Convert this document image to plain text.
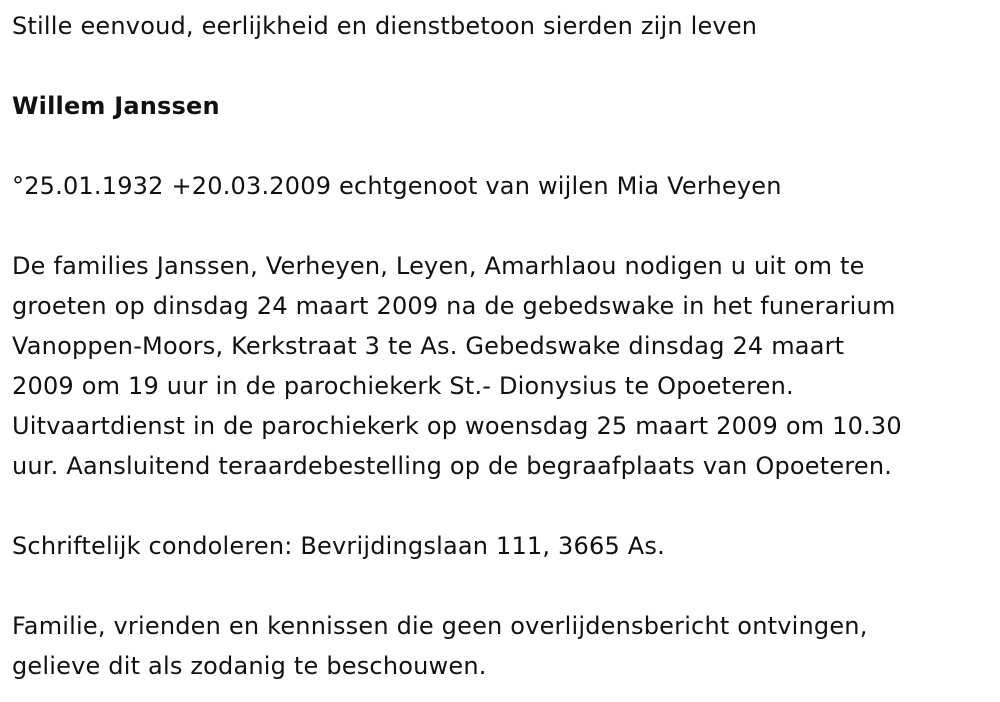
Stille eenvoud, eerlijkheid en dienstbetoon sierden zijn leven

Willem Janssen

°25.01.1932 +20.03.2009 echtgenoot van wijlen Mia Verheyen

De families Janssen, Verheyen, Leyen, Amarhlaou nodigen u uit om te

groeten op dinsdag 24 maart 2009 na de gebedswake in het funerarium

Vanoppen-Moors, Kerkstraat 3 te As. Gebedswake dinsdag 24 maart

2009 om 19 uur in de parochiekerk St.- Dionysius te Opoeteren.

Uitvaartdienst in de parochiekerk op woensdag 25 maart 2009 om 10.30

uur. Aansluitend teraardebestelling op de begraafplaats van Opoeteren.

Schriftelijk condoleren: Bevrijdingslaan 111, 3665 As.

Familie, vrienden en kennissen die geen overlijdensbericht ontvingen,

gelieve dit als zodanig te beschouwen.
